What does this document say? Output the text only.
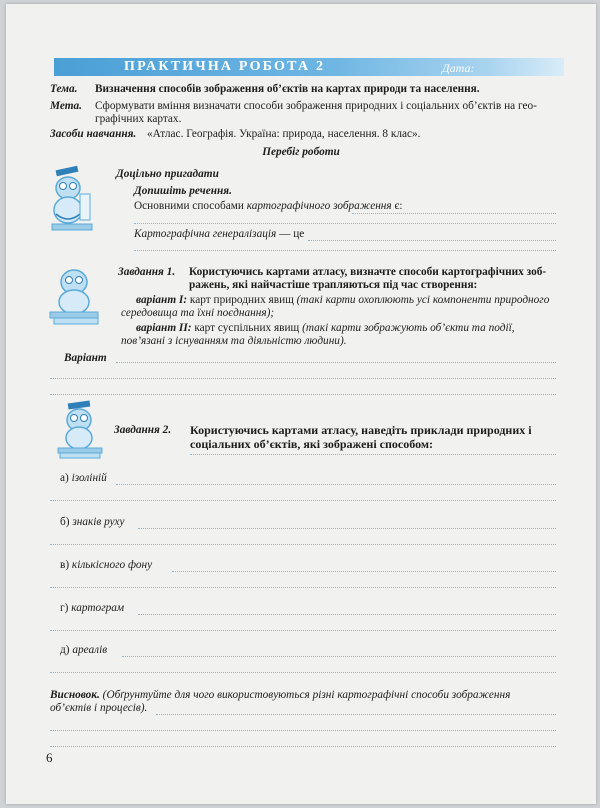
ПРАКТИЧНА РОБОТА 2	Дата:
Тема. Визначення способів зображення об’єктів на картах природи та населення.
Мета. Сформувати вміння визначати способи зображення природних і соціальних об’єктів на гео-
графічних картах.
Засоби навчання. «Атлас. Географія. Україна: природа, населення. 8 клас».
Перебіг роботи
Доцільно пригадати
Допишіть речення.
Основними способами картографічного зображення є:
Картографічна генералізація — це
Завдання 1. Користуючись картами атласу, визначте способи картографічних зоб-
ражень, які найчастіше трапляються під час створення:
варіант І: карт природних явищ (такі карти охоплюють усі компоненти природного
середовища та їхні поєднання);
варіант ІІ: карт суспільних явищ (такі карти зображують об’єкти та події,
пов’язані з існуванням та діяльністю людини).
Варіант
Завдання 2. Користуючись картами атласу, наведіть приклади природних і
соціальних об’єктів, які зображені способом:
а) ізоліній
б) знаків руху
в) кількісного фону
г) картограм
д) ареалів
Висновок. (Обґрунтуйте для чого використовуються різні картографічні способи зображення
об’єктів і процесів).
6
